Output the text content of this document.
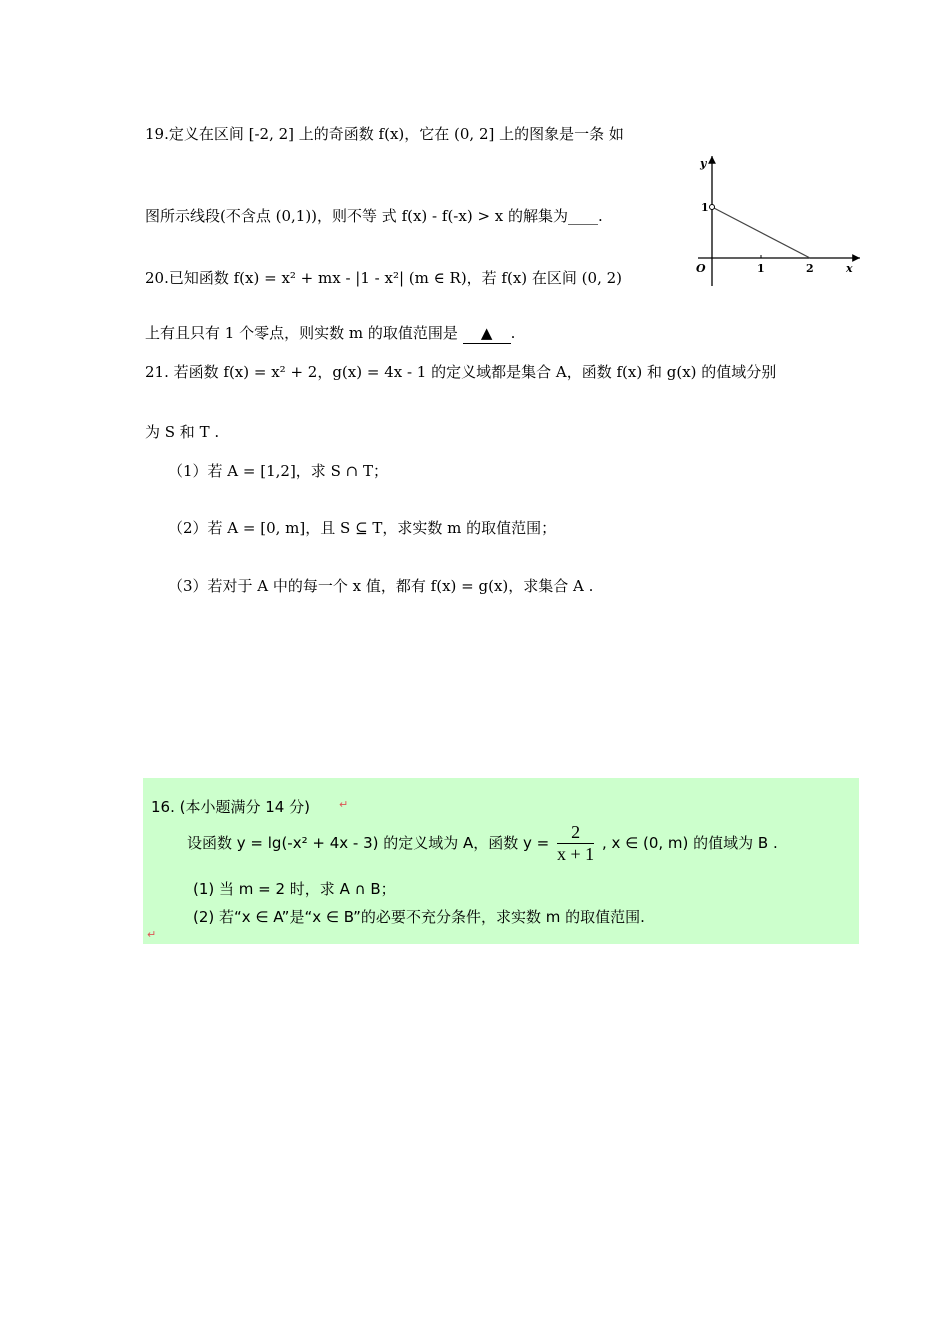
19.定义在区间 [-2, 2] 上的奇函数 f(x)，它在 (0, 2] 上的图象是一条 如
图所示线段(不含点 (0,1))，则不等 式 f(x) - f(-x) > x 的解集为____.
y
1
O	1	2	x
20.已知函数 f(x) = x² + mx - |1 - x²| (m ∈ R)，若 f(x) 在区间 (0, 2)
上有且只有 1 个零点，则实数 m 的取值范围是 ▲ .
21. 若函数 f(x) = x² + 2，g(x) = 4x - 1 的定义域都是集合 A，函数 f(x) 和 g(x) 的值域分别
为 S 和 T .
（1）若 A = [1,2]，求 S ∩ T；
（2）若 A = [0, m]，且 S ⊆ T，求实数 m 的取值范围；
（3）若对于 A 中的每一个 x 值，都有 f(x) = g(x)，求集合 A .
16. (本小题满分 14 分)	↵
设函数 y = lg(-x² + 4x - 3) 的定义域为 A，函数 $y = \frac{2}{x + 1}$ , x ∈ (0, m) 的值域为 B .
(1) 当 m = 2 时，求 A ∩ B；
(2) 若“x ∈ A”是“x ∈ B”的必要不充分条件，求实数 m 的取值范围.
↵
